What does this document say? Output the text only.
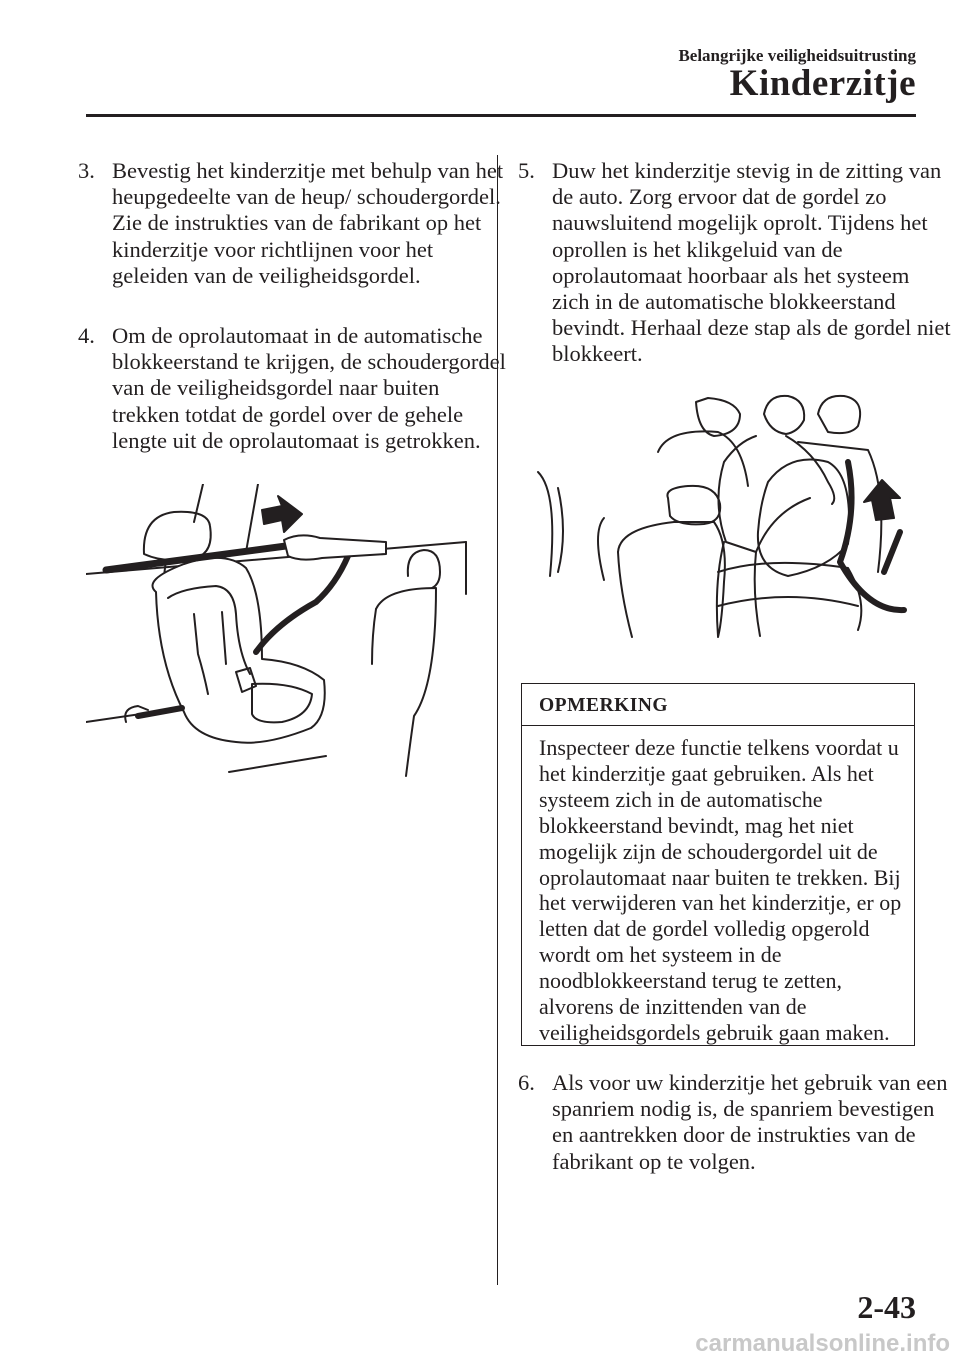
Belangrijke veiligheidsuitrusting
Kinderzitje
3. Bevestig het kinderzitje met behulp van het heupgedeelte van de heup/ schoudergordel. Zie de instrukties van de fabrikant op het kinderzitje voor richtlijnen voor het geleiden van de veiligheidsgordel.
4. Om de oprolautomaat in de automatische blokkeerstand te krijgen, de schoudergordel van de veiligheidsgordel naar buiten trekken totdat de gordel over de gehele lengte uit de oprolautomaat is getrokken.
5. Duw het kinderzitje stevig in de zitting van de auto. Zorg ervoor dat de gordel zo nauwsluitend mogelijk oprolt. Tijdens het oprollen is het klikgeluid van de oprolautomaat hoorbaar als het systeem zich in de automatische blokkeerstand bevindt. Herhaal deze stap als de gordel niet blokkeert.
OPMERKING
Inspecteer deze functie telkens voordat u het kinderzitje gaat gebruiken. Als het systeem zich in de automatische blokkeerstand bevindt, mag het niet mogelijk zijn de schoudergordel uit de oprolautomaat naar buiten te trekken. Bij het verwijderen van het kinderzitje, er op letten dat de gordel volledig opgerold wordt om het systeem in de noodblokkeerstand terug te zetten, alvorens de inzittenden van de veiligheidsgordels gebruik gaan maken.
6. Als voor uw kinderzitje het gebruik van een spanriem nodig is, de spanriem bevestigen en aantrekken door de instrukties van de fabrikant op te volgen.
2-43
carmanualsonline.info
